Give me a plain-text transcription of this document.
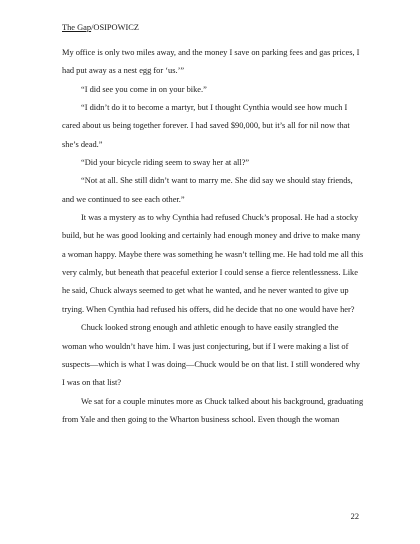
The Gap/OSIPOWICZ

My office is only two miles away, and the money I save on parking fees and gas prices, I had put away as a nest egg for ‘us.’”

“I did see you come in on your bike.”

“I didn’t do it to become a martyr, but I thought Cynthia would see how much I cared about us being together forever. I had saved $90,000, but it’s all for nil now that she’s dead.”

“Did your bicycle riding seem to sway her at all?”

“Not at all. She still didn’t want to marry me. She did say we should stay friends, and we continued to see each other.”

It was a mystery as to why Cynthia had refused Chuck’s proposal. He had a stocky build, but he was good looking and certainly had enough money and drive to make many a woman happy. Maybe there was something he wasn’t telling me. He had told me all this very calmly, but beneath that peaceful exterior I could sense a fierce relentlessness. Like he said, Chuck always seemed to get what he wanted, and he never wanted to give up trying. When Cynthia had refused his offers, did he decide that no one would have her?

Chuck looked strong enough and athletic enough to have easily strangled the woman who wouldn’t have him. I was just conjecturing, but if I were making a list of suspects—which is what I was doing—Chuck would be on that list. I still wondered why I was on that list?

We sat for a couple minutes more as Chuck talked about his background, graduating from Yale and then going to the Wharton business school. Even though the woman

22
